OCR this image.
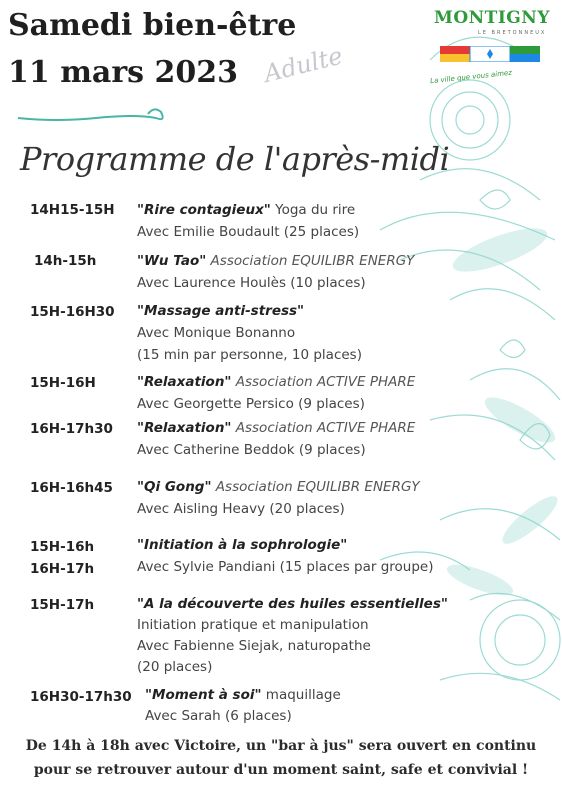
Samedi bien-être
11 mars 2023 Adulte
Programme de l'après-midi
MONTIGNY
LE BRETONNEUX
La ville que vous aimez
14H15-15H "Rire contagieux" Yoga du rire
Avec Emilie Boudault (25 places)
14h-15h	"Wu Tao" Association EQUILIBR ENERGY
Avec Laurence Houlès (10 places)
15H-16H30 "Massage anti-stress"
Avec Monique Bonanno
(15 min par personne, 10 places)
15H-16H	"Relaxation" Association ACTIVE PHARE
Avec Georgette Persico (9 places)
16H-17h30 "Relaxation" Association ACTIVE PHARE
Avec Catherine Beddok (9 places)
16H-16h45 "Qi Gong" Association EQUILIBR ENERGY
Avec Aisling Heavy (20 places)
15H-16h
16H-17h
"Initiation à la sophrologie"
Avec Sylvie Pandiani (15 places par groupe)
15H-17h	"A la découverte des huiles essentielles"
Initiation pratique et manipulation
Avec Fabienne Siejak, naturopathe
(20 places)
16H30-17h30 "Moment à soi" maquillage
Avec Sarah (6 places)
De 14h à 18h avec Victoire, un "bar à jus" sera ouvert en continu
pour se retrouver autour d'un moment saint, safe et convivial !
